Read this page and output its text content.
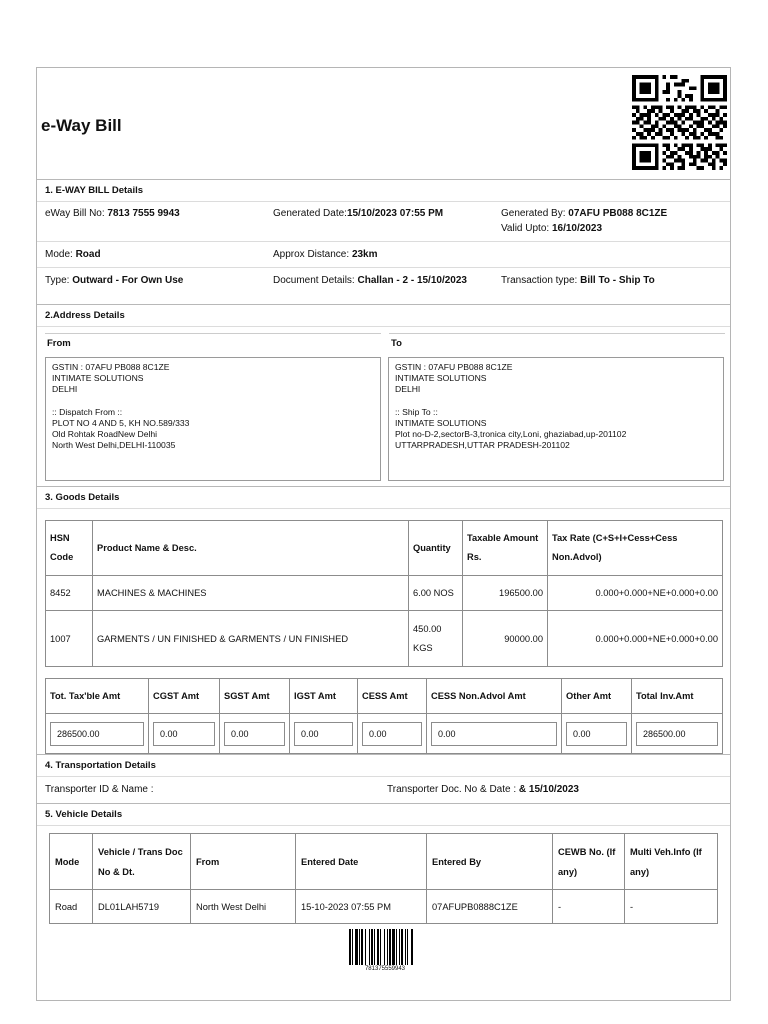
e-Way Bill
1. E-WAY BILL Details
eWay Bill No: 7813 7555 9943	Generated Date:15/10/2023 07:55 PM	Generated By: 07AFU PB088 8C1ZE
Valid Upto: 16/10/2023
Mode: Road	Approx Distance: 23km
Type: Outward - For Own Use	Document Details: Challan - 2 - 15/10/2023	Transaction type: Bill To - Ship To
2.Address Details
From	To
GSTIN : 07AFU PB088 8C1ZE
INTIMATE SOLUTIONS
DELHI
:: Dispatch From ::
PLOT NO 4 AND 5, KH NO.589/333
Old Rohtak RoadNew Delhi
North West Delhi,DELHI-110035
GSTIN : 07AFU PB088 8C1ZE
INTIMATE SOLUTIONS
DELHI
:: Ship To ::
INTIMATE SOLUTIONS
Plot no-D-2,sectorB-3,tronica city,Loni, ghaziabad,up-201102
UTTARPRADESH,UTTAR PRADESH-201102
3. Goods Details
HSN Code	Product Name & Desc.	Quantity	Taxable Amount Rs.	Tax Rate (C+S+I+Cess+Cess Non.Advol)
8452	MACHINES & MACHINES	6.00 NOS	196500.00	0.000+0.000+NE+0.000+0.00
1007	GARMENTS / UN FINISHED & GARMENTS / UN FINISHED	450.00 KGS	90000.00	0.000+0.000+NE+0.000+0.00
Tot. Tax'ble Amt	CGST Amt	SGST Amt	IGST Amt	CESS Amt	CESS Non.Advol Amt	Other Amt	Total Inv.Amt

286500.00	0.00	0.00	0.00	0.00	0.00	0.00	286500.00
4. Transportation Details
Transporter ID & Name :	Transporter Doc. No & Date : & 15/10/2023
5. Vehicle Details
Mode	Vehicle / Trans Doc No & Dt.	From	Entered Date	Entered By	CEWB No. (If any)	Multi Veh.Info (If any)
Road	DL01LAH5719	North West Delhi	15-10-2023 07:55 PM	07AFUPB0888C1ZE	-	-
781375559943
